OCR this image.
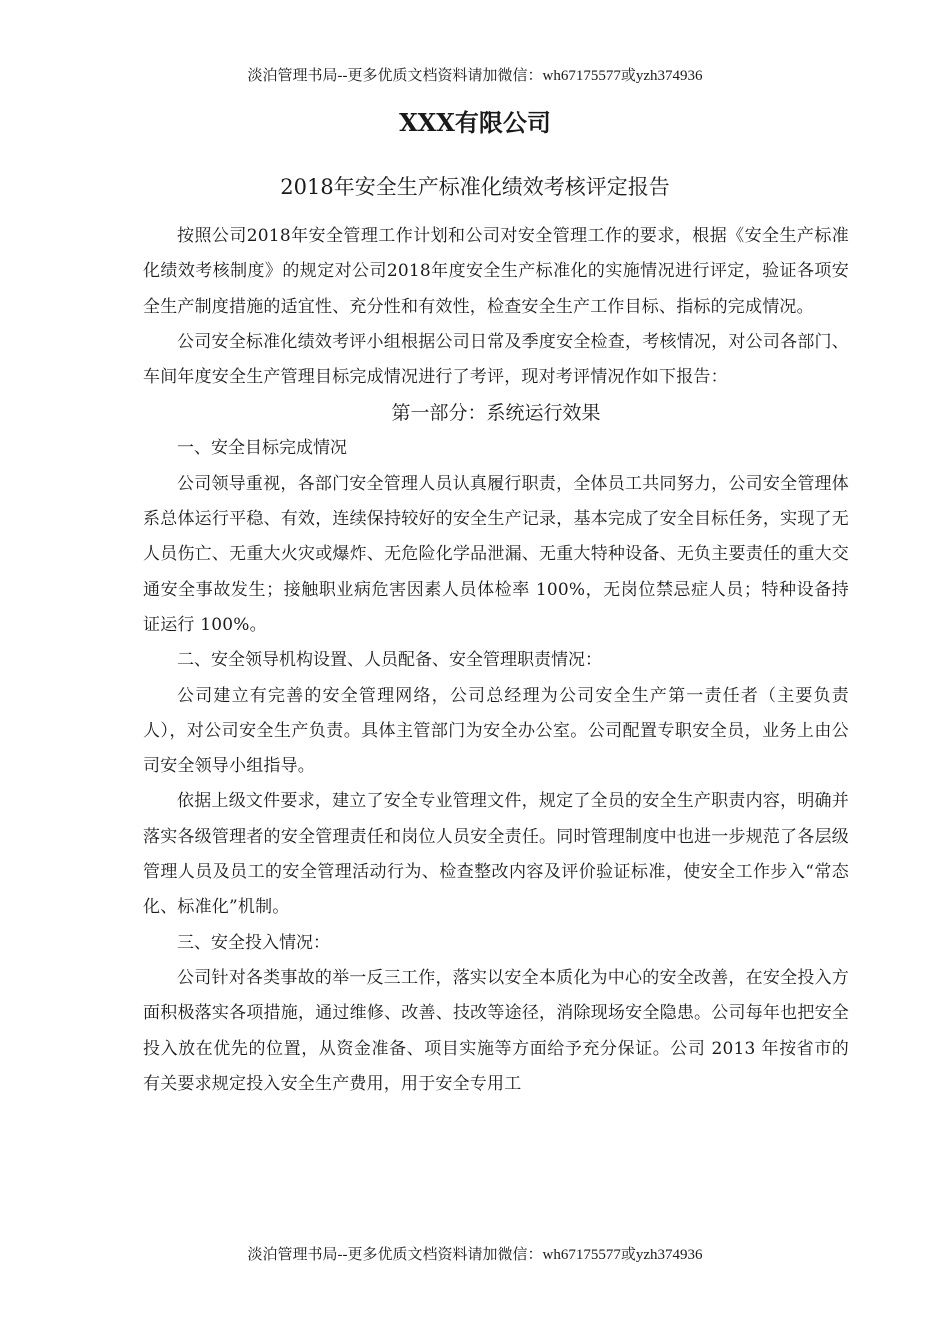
淡泊管理书局--更多优质文档资料请加微信：wh67175577或yzh374936
XXX有限公司
2018年安全生产标准化绩效考核评定报告

按照公司2018年安全管理工作计划和公司对安全管理工作的要求，根据《安全生产标准化绩效考核制度》的规定对公司2018年度安全生产标准化的实施情况进行评定，验证各项安全生产制度措施的适宜性、充分性和有效性，检查安全生产工作目标、指标的完成情况。

公司安全标准化绩效考评小组根据公司日常及季度安全检查，考核情况，对公司各部门、车间年度安全生产管理目标完成情况进行了考评，现对考评情况作如下报告：

第一部分：系统运行效果

一、安全目标完成情况

公司领导重视，各部门安全管理人员认真履行职责，全体员工共同努力，公司安全管理体系总体运行平稳、有效，连续保持较好的安全生产记录，基本完成了安全目标任务，实现了无人员伤亡、无重大火灾或爆炸、无危险化学品泄漏、无重大特种设备、无负主要责任的重大交通安全事故发生；接触职业病危害因素人员体检率 100%，无岗位禁忌症人员；特种设备持证运行 100%。

二、安全领导机构设置、人员配备、安全管理职责情况：

公司建立有完善的安全管理网络，公司总经理为公司安全生产第一责任者（主要负责人），对公司安全生产负责。具体主管部门为安全办公室。公司配置专职安全员，业务上由公司安全领导小组指导。

依据上级文件要求，建立了安全专业管理文件，规定了全员的安全生产职责内容，明确并落实各级管理者的安全管理责任和岗位人员安全责任。同时管理制度中也进一步规范了各层级管理人员及员工的安全管理活动行为、检查整改内容及评价验证标准，使安全工作步入“常态化、标准化”机制。

三、安全投入情况：

公司针对各类事故的举一反三工作，落实以安全本质化为中心的安全改善，在安全投入方面积极落实各项措施，通过维修、改善、技改等途径，消除现场安全隐患。公司每年也把安全投入放在优先的位置，从资金准备、项目实施等方面给予充分保证。公司 2013 年按省市的有关要求规定投入安全生产费用，用于安全专用工

淡泊管理书局--更多优质文档资料请加微信：wh67175577或yzh374936
